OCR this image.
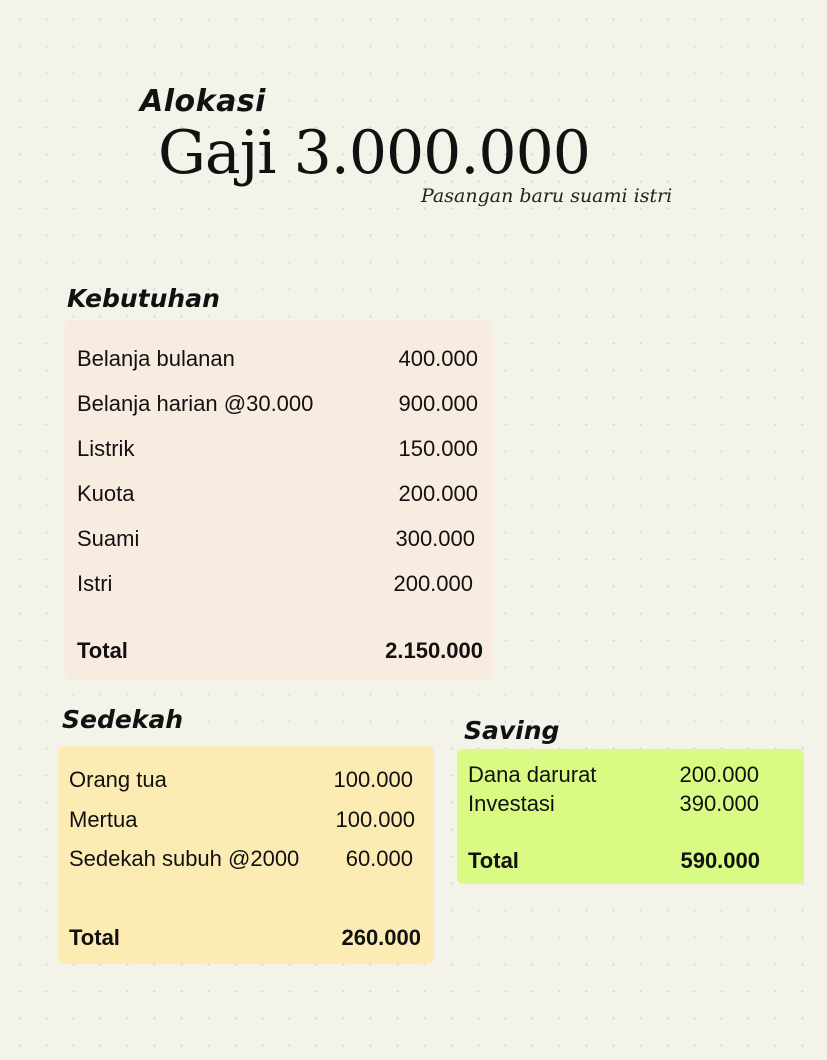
Alokasi
Gaji 3.000.000
Pasangan baru suami istri
Kebutuhan
Belanja bulanan	400.000
Belanja harian @30.000	900.000
Listrik	150.000
Kuota	200.000
Suami	300.000
Istri	200.000
Total	2.150.000
Sedekah
Orang tua	100.000
Mertua	100.000
Sedekah subuh @2000 60.000
Total	260.000
Saving
Dana darurat	200.000
Investasi	390.000
Total	590.000
